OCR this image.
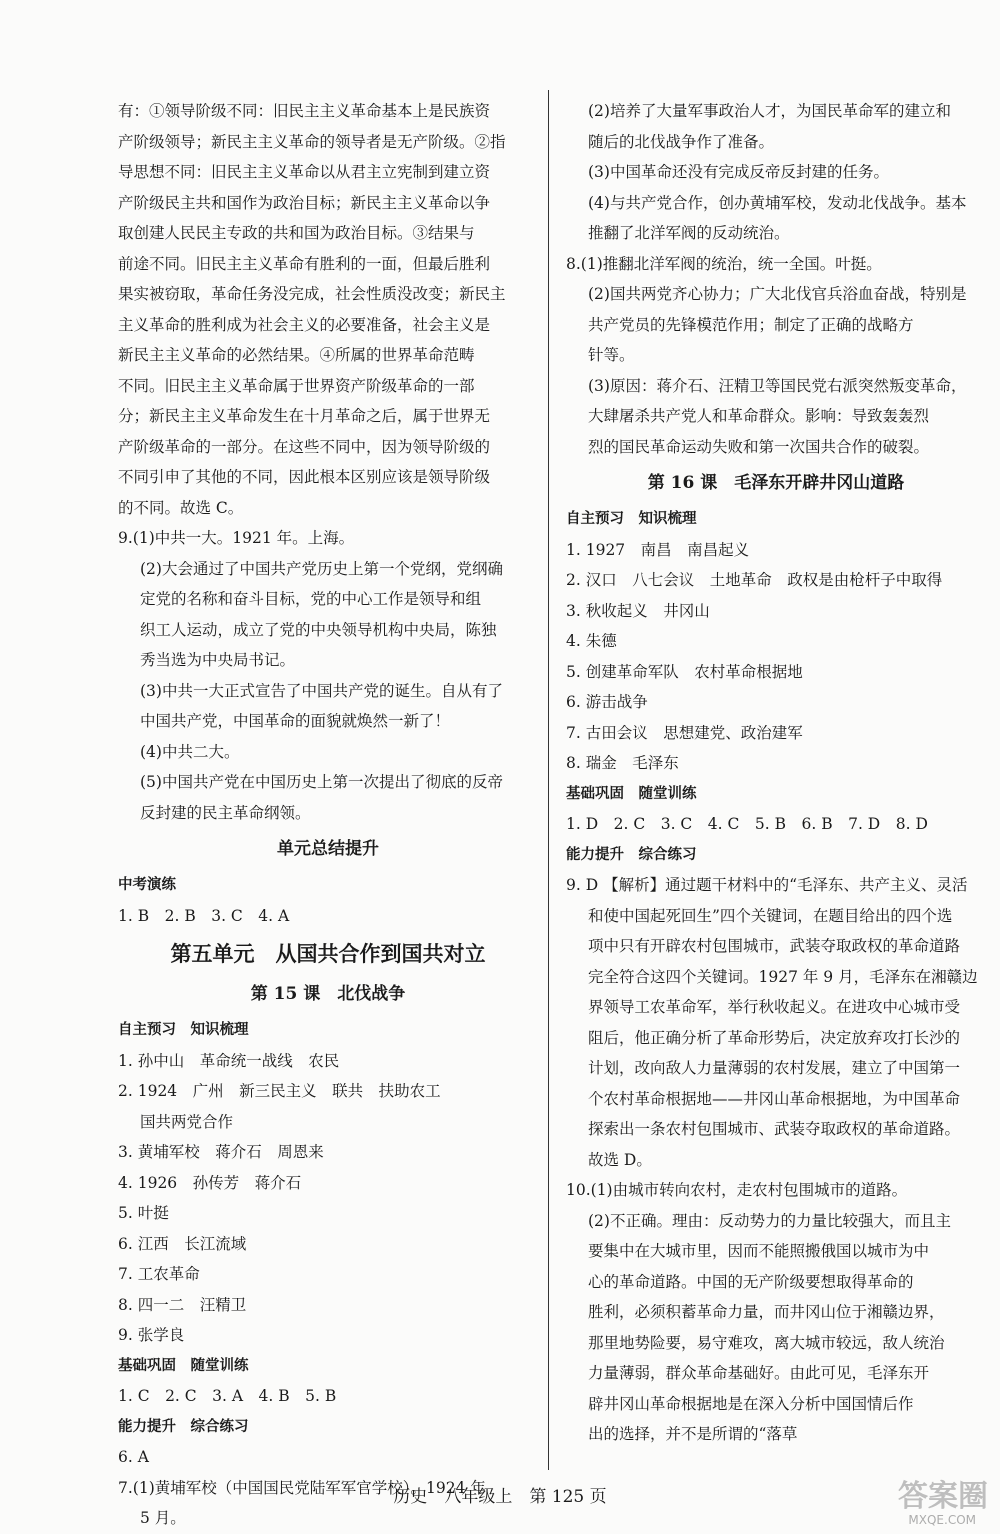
有：①领导阶级不同：旧民主主义革命基本上是民族资
产阶级领导；新民主主义革命的领导者是无产阶级。②指
导思想不同：旧民主主义革命以从君主立宪制到建立资
产阶级民主共和国作为政治目标；新民主主义革命以争
取创建人民民主专政的共和国为政治目标。③结果与
前途不同。旧民主主义革命有胜利的一面，但最后胜利
果实被窃取，革命任务没完成，社会性质没改变；新民主
主义革命的胜利成为社会主义的必要准备，社会主义是
新民主主义革命的必然结果。④所属的世界革命范畴
不同。旧民主主义革命属于世界资产阶级革命的一部
分；新民主主义革命发生在十月革命之后，属于世界无
产阶级革命的一部分。在这些不同中，因为领导阶级的
不同引申了其他的不同，因此根本区别应该是领导阶级
的不同。故选 C。
9.(1)中共一大。1921 年。上海。
(2)大会通过了中国共产党历史上第一个党纲，党纲确
定党的名称和奋斗目标，党的中心工作是领导和组
织工人运动，成立了党的中央领导机构中央局，陈独
秀当选为中央局书记。
(3)中共一大正式宣告了中国共产党的诞生。自从有了
中国共产党，中国革命的面貌就焕然一新了！
(4)中共二大。
(5)中国共产党在中国历史上第一次提出了彻底的反帝
反封建的民主革命纲领。
单元总结提升
中考演练
1. B　2. B　3. C　4. A
第五单元　从国共合作到国共对立
第 15 课　北伐战争
自主预习　知识梳理
1. 孙中山　革命统一战线　农民
2. 1924　广州　新三民主义　联共　扶助农工
国共两党合作
3. 黄埔军校　蒋介石　周恩来
4. 1926　孙传芳　蒋介石
5. 叶挺
6. 江西　长江流域
7. 工农革命
8. 四一二　汪精卫
9. 张学良
基础巩固　随堂训练
1. C　2. C　3. A　4. B　5. B
能力提升　综合练习
6. A
7.(1)黄埔军校（中国国民党陆军军官学校）。1924 年
5 月。
(2)培养了大量军事政治人才，为国民革命军的建立和
随后的北伐战争作了准备。
(3)中国革命还没有完成反帝反封建的任务。
(4)与共产党合作，创办黄埔军校，发动北伐战争。基本
推翻了北洋军阀的反动统治。
8.(1)推翻北洋军阀的统治，统一全国。叶挺。
(2)国共两党齐心协力；广大北伐官兵浴血奋战，特别是
共产党员的先锋模范作用；制定了正确的战略方
针等。
(3)原因：蒋介石、汪精卫等国民党右派突然叛变革命，
大肆屠杀共产党人和革命群众。影响：导致轰轰烈
烈的国民革命运动失败和第一次国共合作的破裂。
第 16 课　毛泽东开辟井冈山道路
自主预习　知识梳理
1. 1927　南昌　南昌起义
2. 汉口　八七会议　土地革命　政权是由枪杆子中取得
3. 秋收起义　井冈山
4. 朱德
5. 创建革命军队　农村革命根据地
6. 游击战争
7. 古田会议　思想建党、政治建军
8. 瑞金　毛泽东
基础巩固　随堂训练
1. D　2. C　3. C　4. C　5. B　6. B　7. D　8. D
能力提升　综合练习
9. D 【解析】通过题干材料中的“毛泽东、共产主义、灵活
和使中国起死回生”四个关键词，在题目给出的四个选
项中只有开辟农村包围城市，武装夺取政权的革命道路
完全符合这四个关键词。1927 年 9 月，毛泽东在湘赣边
界领导工农革命军，举行秋收起义。在进攻中心城市受
阻后，他正确分析了革命形势后，决定放弃攻打长沙的
计划，改向敌人力量薄弱的农村发展，建立了中国第一
个农村革命根据地——井冈山革命根据地，为中国革命
探索出一条农村包围城市、武装夺取政权的革命道路。
故选 D。
10.(1)由城市转向农村，走农村包围城市的道路。
(2)不正确。理由：反动势力的力量比较强大，而且主
要集中在大城市里，因而不能照搬俄国以城市为中
心的革命道路。中国的无产阶级要想取得革命的
胜利，必须积蓄革命力量，而井冈山位于湘赣边界，
那里地势险要，易守难攻，离大城市较远，敌人统治
力量薄弱，群众革命基础好。由此可见，毛泽东开
辟井冈山革命根据地是在深入分析中国国情后作
出的选择，并不是所谓的“落草
历史　八年级上　第 125 页	答案圈
MXQE.COM
